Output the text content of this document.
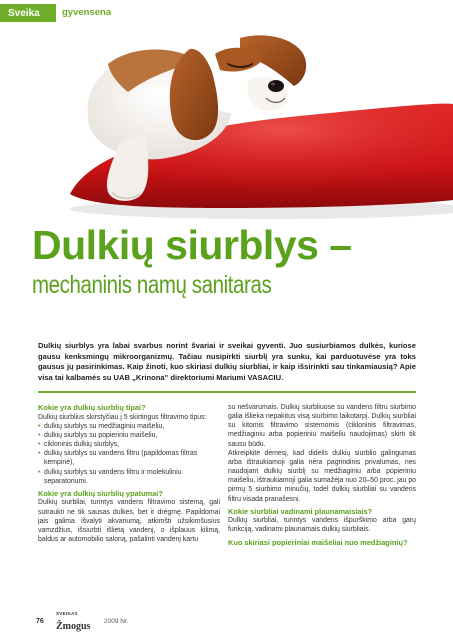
Sveika gyvensena
Dulkių siurblys –
mechaninis namų sanitaras

Dulkių siurblys yra labai svarbus norint švariai ir sveikai gyventi. Juo susiurbiamos dulkės, kuriose gausu kenksmingų mikroorganizmų. Tačiau nusipirkti siurblį yra sunku, kai parduotuvėse yra toks gausus jų pasirinkimas. Kaip žinoti, kuo skiriasi dulkių siurbliai, ir kaip išsirinkti sau tinkamiausią? Apie visa tai kalbamės su UAB „Krinona" direktoriumi Mariumi VASACIU.

Kokie yra dulkių siurblių tipai?

Dulkių siurblius skirstyčiau į 5 skirtingus filtravimo tipus:

• dulkių siurblys su medžiaginiu maišeliu,
• dulkių siurblys su popieriniu maišeliu,
• cikloninis dulkių siurblys,
• dulkių siurblys su vandens filtru (papildomas filtras kempinė),
• dulkių siurblys su vandens filtru ir molekuliniu separatoriumi.
Kokie yra dulkių siurblių ypatumai?

Dulkių siurbliai, turintys vandens filtravimo sistemą, gali sutraukti ne tik sausas dulkes, bet ir drėgmę. Papildomai jais galima išvalyti akvariumą, atkimšti užsikimšusius vamzdžius, išsiurbti išlietą vandenį, o išplauus kilimą, baldus ar automobilio saloną, pašalinti vandenį kartu

su nešvarumais. Dulkių siurbliuose su vandens filtru siurbimo galia išlieka nepakitus visą siurbimo laikotarpį. Dulkių siurbliai su kitomis filtravimo sistemomis (cikloninis filtravimas, medžiaginiu arba popieriniu maišeliu naudojimas) skirti tik sausu būdu.

Atkreipkite dėmesį, kad didelis dulkių siurblio galingumas arba ištraukiamoji galia nėra pagrindinis privalumas, nes naudojant dulkių siurblį su medžiaginiu arba popieriniu maišeliu, ištraukiamoji galia sumažėja nuo 20–50 proc. jau po pirmų 5 siurbimo minučių, todėl dulkių siurbliai su vandens filtru visada pranašesni.

Kokie siurbliai vadinami plaunamaisiais?

Dulkių siurbliai, turintys vandens išpurškimo arba garų funkciją, vadinami plaunamais dulkių siurbliais.

Kuo skiriasi popieriniai maišeliai nuo medžiaginių?
76
SVEIKAS
Žmogus 2009 Nr.
